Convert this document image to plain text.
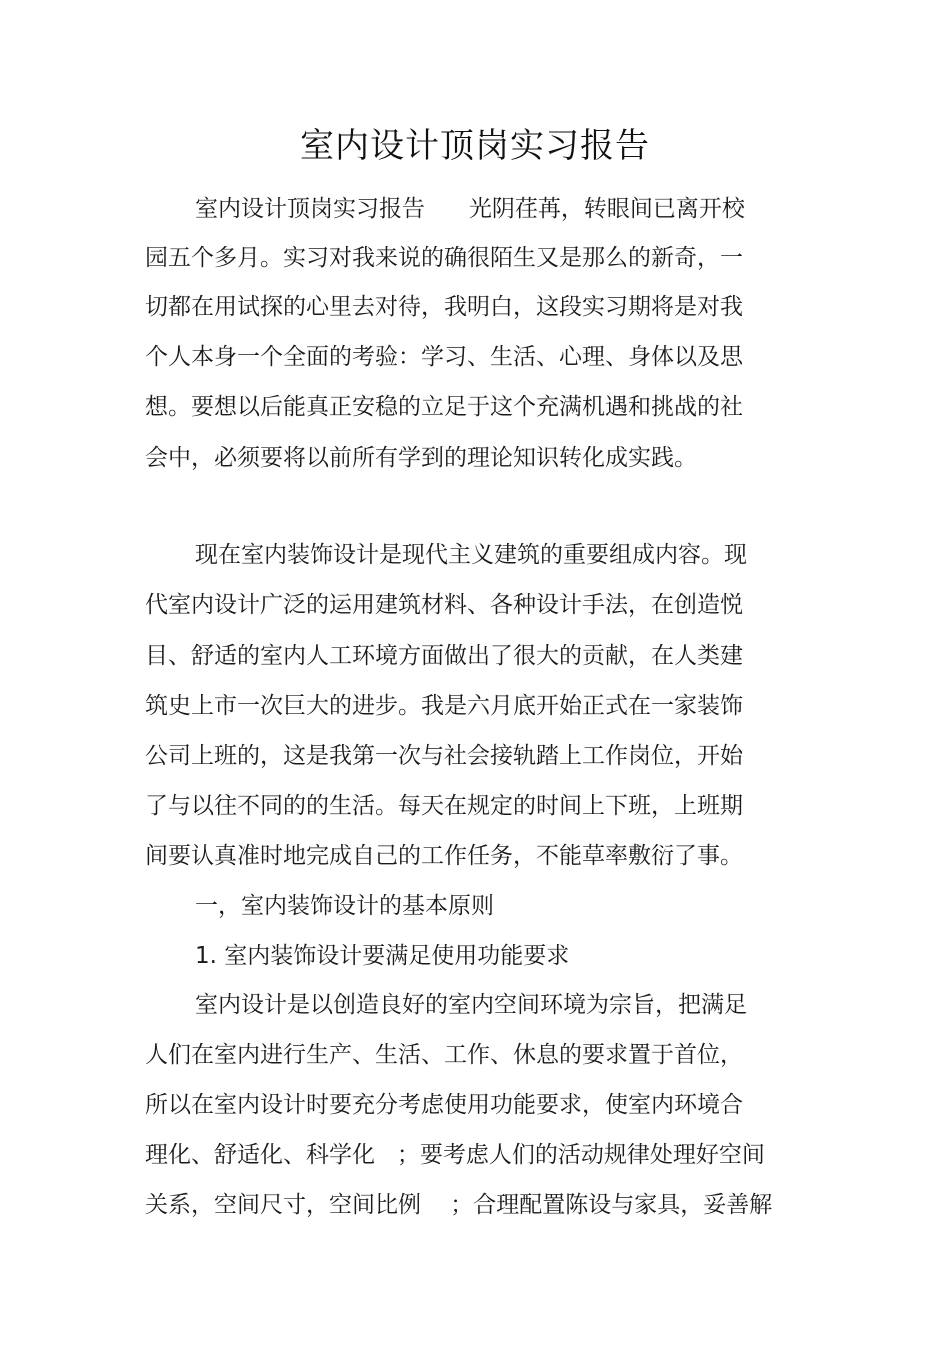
室内设计顶岗实习报告
室内设计顶岗实习报告      光阴荏苒，转眼间已离开校
园五个多月。实习对我来说的确很陌生又是那么的新奇，一
切都在用试探的心里去对待，我明白，这段实习期将是对我
个人本身一个全面的考验：学习、生活、心理、身体以及思
想。要想以后能真正安稳的立足于这个充满机遇和挑战的社
会中，必须要将以前所有学到的理论知识转化成实践。
现在室内装饰设计是现代主义建筑的重要组成内容。现
代室内设计广泛的运用建筑材料、各种设计手法，在创造悦
目、舒适的室内人工环境方面做出了很大的贡献，在人类建
筑史上市一次巨大的进步。我是六月底开始正式在一家装饰
公司上班的，这是我第一次与社会接轨踏上工作岗位，开始
了与以往不同的的生活。每天在规定的时间上下班，上班期
间要认真准时地完成自己的工作任务，不能草率敷衍了事。
一，室内装饰设计的基本原则
1. 室内装饰设计要满足使用功能要求
室内设计是以创造良好的室内空间环境为宗旨，把满足
人们在室内进行生产、生活、工作、休息的要求置于首位，
所以在室内设计时要充分考虑使用功能要求，使室内环境合
理化、舒适化、科学化   ；要考虑人们的活动规律处理好空间
关系，空间尺寸，空间比例    ；合理配置陈设与家具，妥善解
